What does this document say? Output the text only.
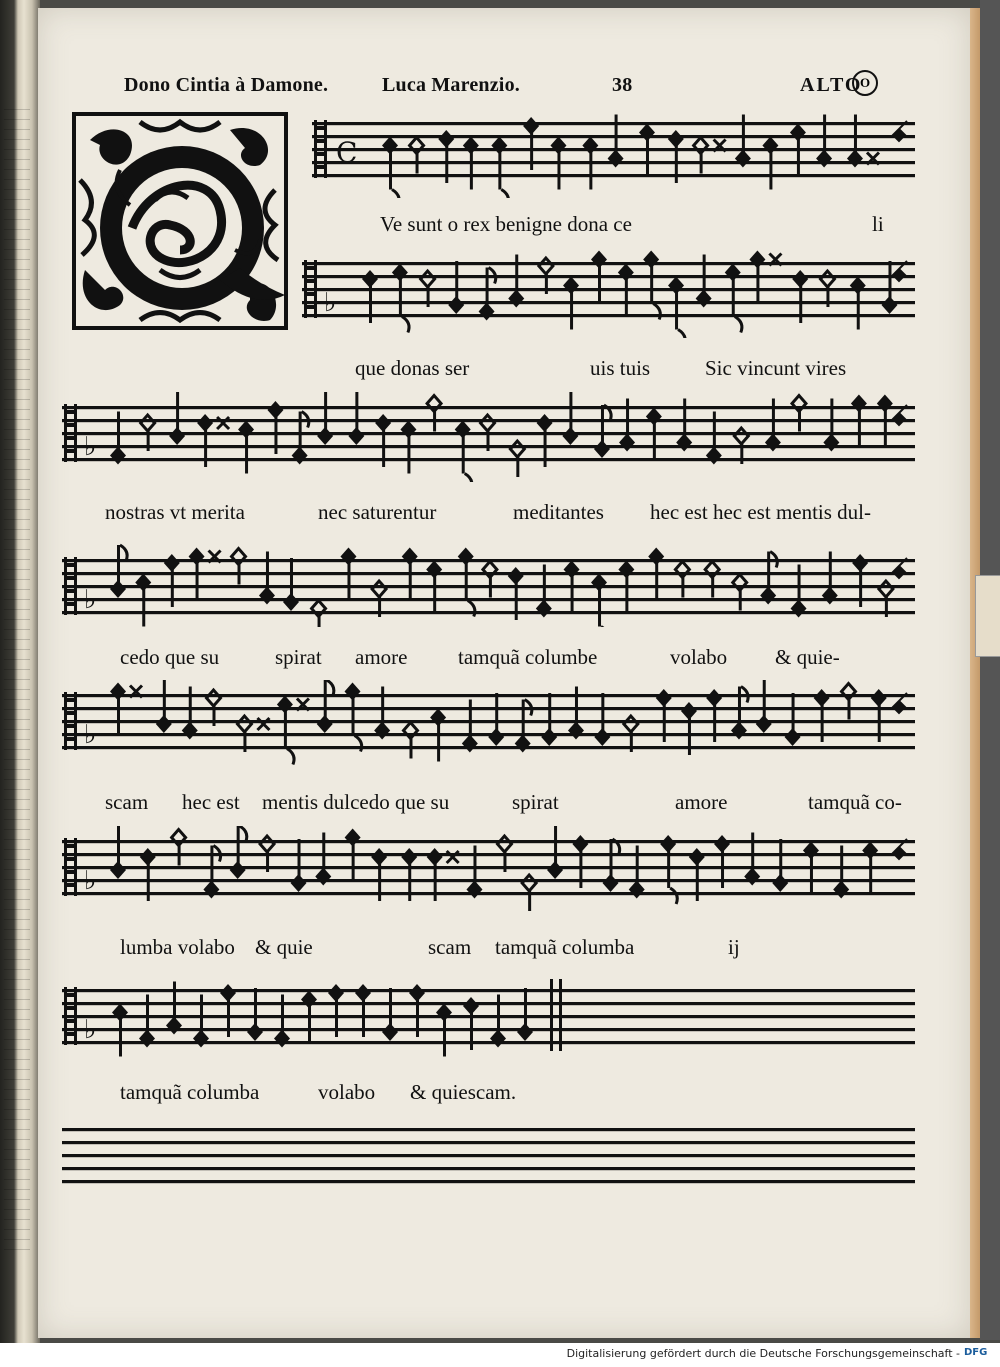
Dono Cintia à Damone.	Luca Marenzio.	38	ALTO
O
C
Ve sunt o rex benigne dona ce	li
♭
que donas ser	uis tuis	Sic vincunt vires
♭
nostras vt merita	nec saturentur	meditantes hec est hec est mentis dul-
♭
cedo que su	spirat amore tamquã columbe	volabo & quie-
♭
scam hec est mentis dulcedo que su	spirat	amore	tamquã co-
♭
lumba volabo & quie	scam tamquã columba	ij
♭
tamquã columba	volabo & quiescam.
Digitalisierung gefördert durch die Deutsche Forschungsgemeinschaft - DFG
